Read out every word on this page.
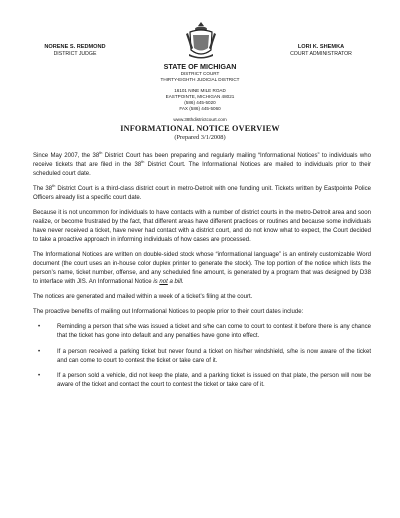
NORENE S. REDMOND
DISTRICT JUDGE
LORI K. SHEMKA
COURT ADMINISTRATOR
STATE OF MICHIGAN
DISTRICT COURT
THIRTY-EIGHTH JUDICIAL DISTRICT
16101 NINE MILE ROAD
EASTPOINTE, MICHIGAN 48021
(586) 445-5020
FAX (586) 445-5060
www.38thdistrictcourt.com
INFORMATIONAL NOTICE OVERVIEW
(Prepared 3/1/2008)

Since May 2007, the 38th District Court has been preparing and regularly mailing “Informational Notices” to individuals who receive tickets that are filed in the 38th District Court. The Informational Notices are mailed to individuals prior to their scheduled court date.

The 38th District Court is a third-class district court in metro-Detroit with one funding unit. Tickets written by Eastpointe Police Officers already list a specific court date.

Because it is not uncommon for individuals to have contacts with a number of district courts in the metro-Detroit area and soon realize, or become frustrated by the fact, that different areas have different practices or routines and because some individuals have never received a ticket, have never had contact with a district court, and do not know what to expect, the Court decided to take a proactive approach in informing individuals of how cases are processed.

The Informational Notices are written on double-sided stock whose “informational language” is an entirely customizable Word document (the court uses an in-house color duplex printer to generate the stock). The top portion of the notice which lists the person’s name, ticket number, offense, and any scheduled fine amount, is generated by a program that was designed by D38 to interface with JIS. An Informational Notice is not a bill.

The notices are generated and mailed within a week of a ticket’s filing at the court.

The proactive benefits of mailing out Informational Notices to people prior to their court dates include:

•	Reminding a person that s/he was issued a ticket and s/he can come to court to contest it before there is any chance that the ticket has gone into default and any penalties have gone into effect.
•	If a person received a parking ticket but never found a ticket on his/her windshield, s/he is now aware of the ticket and can come to court to contest the ticket or take care of it.
•	If a person sold a vehicle, did not keep the plate, and a parking ticket is issued on that plate, the person will now be aware of the ticket and contact the court to contest the ticket or take care of it.
